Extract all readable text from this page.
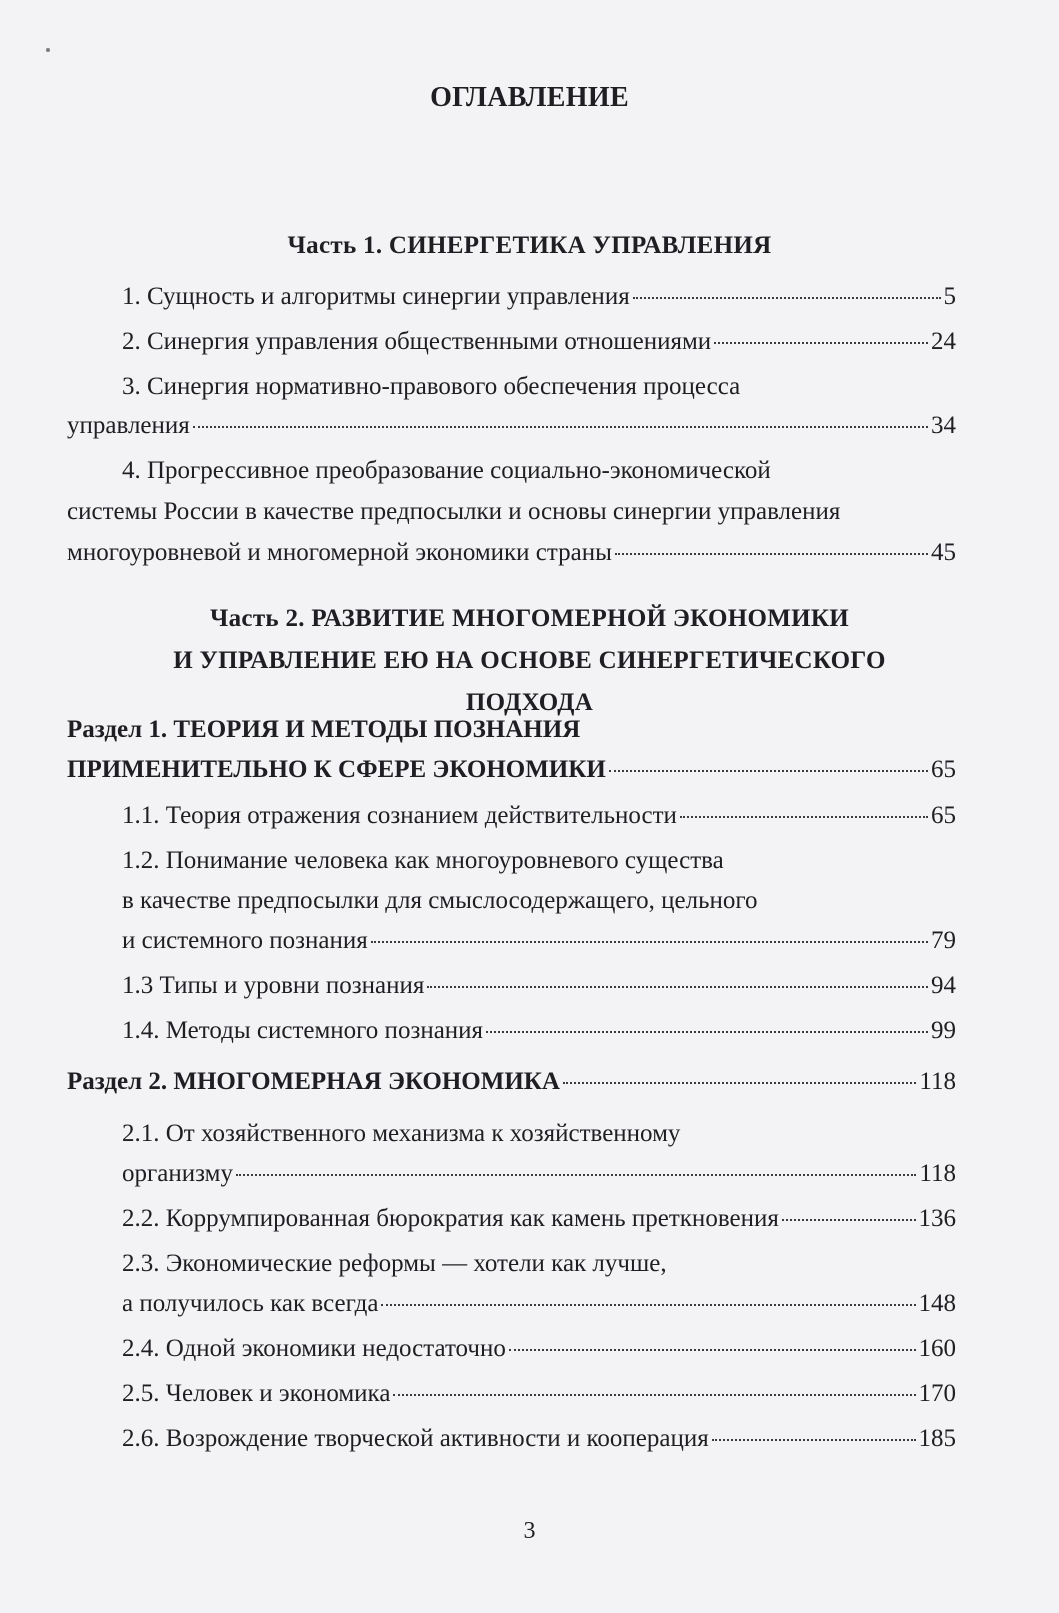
ОГЛАВЛЕНИЕ
Часть 1. СИНЕРГЕТИКА УПРАВЛЕНИЯ
1. Сущность и алгоритмы синергии управления	5
2. Синергия управления общественными отношениями	24
3. Синергия нормативно-правового обеспечения процесса
управления	34
4. Прогрессивное преобразование социально-экономической
системы России в качестве предпосылки и основы синергии управления
многоуровневой и многомерной экономики страны	45
Часть 2. РАЗВИТИЕ МНОГОМЕРНОЙ ЭКОНОМИКИ
И УПРАВЛЕНИЕ ЕЮ НА ОСНОВЕ СИНЕРГЕТИЧЕСКОГО
ПОДХОДА
Раздел 1. ТЕОРИЯ И МЕТОДЫ ПОЗНАНИЯ
ПРИМЕНИТЕЛЬНО К СФЕРЕ ЭКОНОМИКИ	65
1.1. Теория отражения сознанием действительности	65
1.2. Понимание человека как многоуровневого существа
в качестве предпосылки для смыслосодержащего, цельного
и системного познания	79
1.3 Типы и уровни познания	94
1.4. Методы системного познания	99
Раздел 2. МНОГОМЕРНАЯ ЭКОНОМИКА	118
2.1. От хозяйственного механизма к хозяйственному
организму	118
2.2. Коррумпированная бюрократия как камень преткновения	136
2.3. Экономические реформы — хотели как лучше,
а получилось как всегда	148
2.4. Одной экономики недостаточно	160
2.5. Человек и экономика	170
2.6. Возрождение творческой активности и кооперация	185
3
